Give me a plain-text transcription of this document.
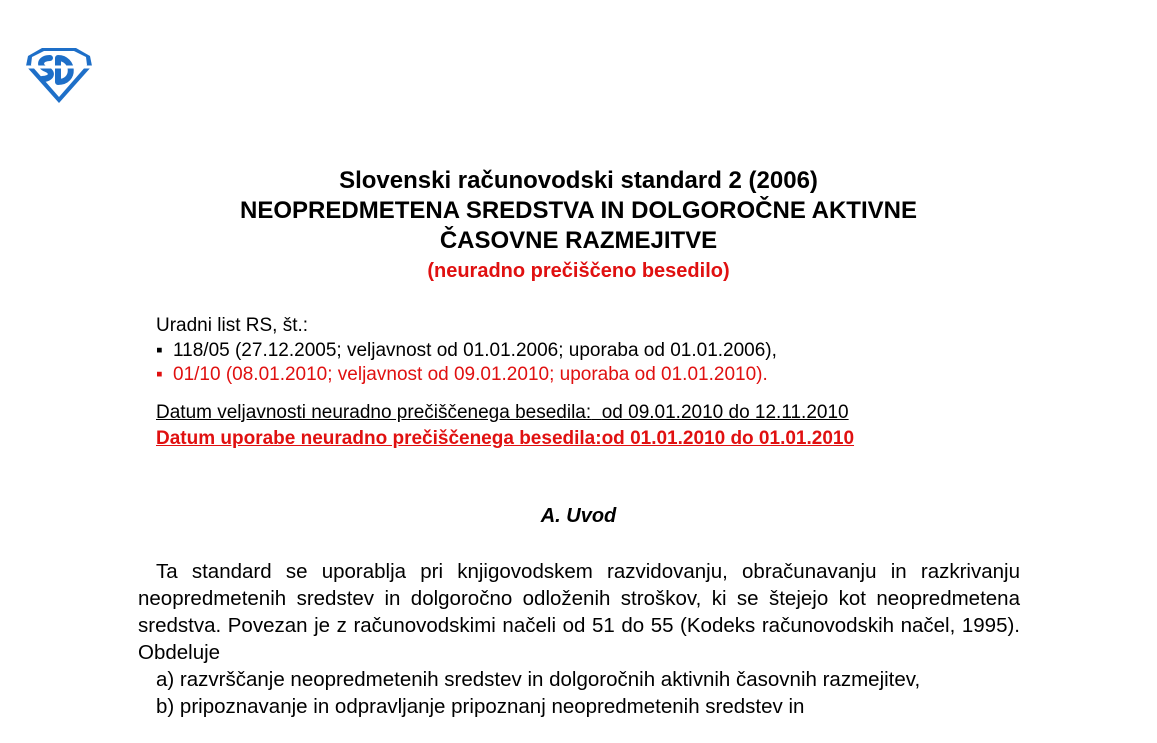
Slovenski računovodski standard 2 (2006)
NEOPREDMETENA SREDSTVA IN DOLGOROČNE AKTIVNE
ČASOVNE RAZMEJITVE
(neuradno prečiščeno besedilo)
Uradni list RS, št.:
▪ 118/05 (27.12.2005; veljavnost od 01.01.2006; uporaba od 01.01.2006),
▪ 01/10 (08.01.2010; veljavnost od 09.01.2010; uporaba od 01.01.2010).
Datum veljavnosti neuradno prečiščenega besedila: od 09.01.2010 do 12.11.2010
Datum uporabe neuradno prečiščenega besedila:od 01.01.2010 do 01.01.2010
A. Uvod

Ta standard se uporablja pri knjigovodskem razvidovanju, obračunavanju in razkrivanju neopredmetenih sredstev in dolgoročno odloženih stroškov, ki se štejejo kot neopredmetena sredstva. Povezan je z računovodskimi načeli od 51 do 55 (Kodeks računovodskih načel, 1995). Obdeluje

a) razvrščanje neopredmetenih sredstev in dolgoročnih aktivnih časovnih razmejitev,

b) pripoznavanje in odpravljanje pripoznanj neopredmetenih sredstev in
